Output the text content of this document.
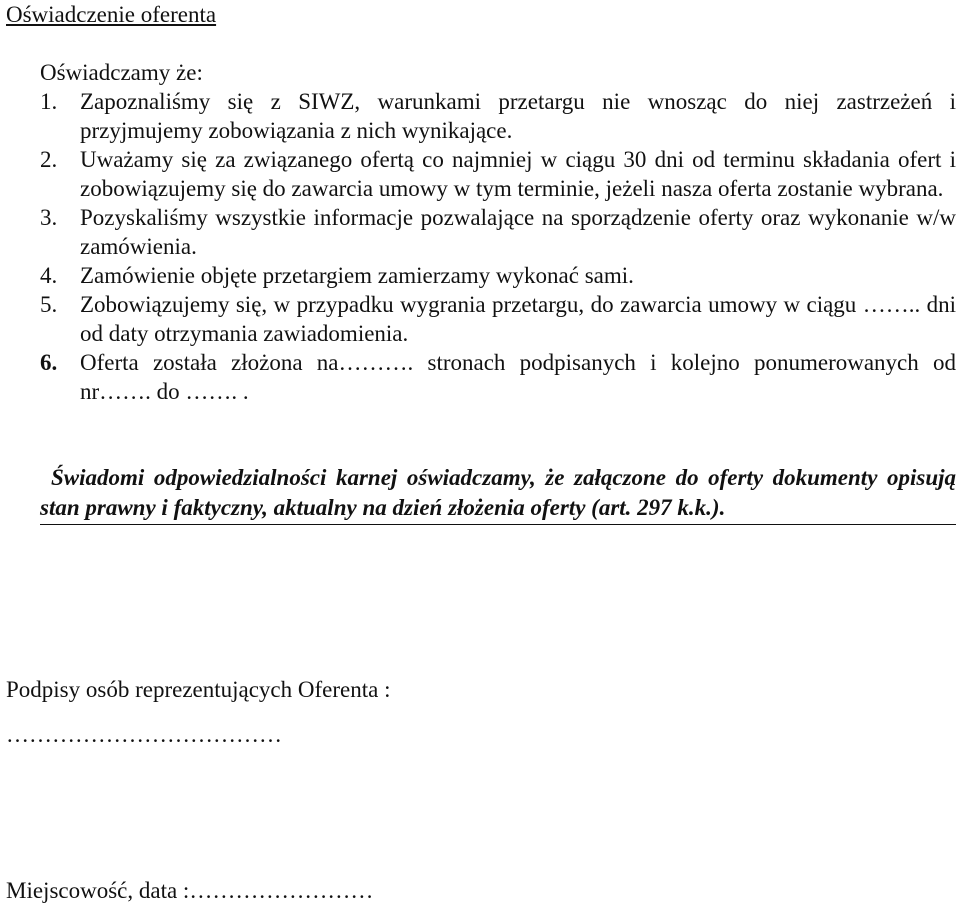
Oświadczenie oferenta
Oświadczamy że:
1. Zapoznaliśmy się z SIWZ, warunkami przetargu nie wnosząc do niej zastrzeżeń i przyjmujemy zobowiązania z nich wynikające.
2. Uważamy się za związanego ofertą co najmniej w ciągu 30 dni od terminu składania ofert i zobowiązujemy się do zawarcia umowy w tym terminie, jeżeli nasza oferta zostanie wybrana.
3. Pozyskaliśmy wszystkie informacje pozwalające na sporządzenie oferty oraz wykonanie w/w zamówienia.
4. Zamówienie objęte przetargiem zamierzamy wykonać sami.
5. Zobowiązujemy się, w przypadku wygrania przetargu, do zawarcia umowy w ciągu …….. dni od daty otrzymania zawiadomienia.
6. Oferta została złożona na………. stronach podpisanych i kolejno ponumerowanych od nr……. do ……. .
Świadomi odpowiedzialności karnej oświadczamy, że załączone do oferty dokumenty opisują stan prawny i faktyczny, aktualny na dzień złożenia oferty (art. 297 k.k.).
Podpisy osób reprezentujących Oferenta :
………………………………
Miejscowość, data :……………………
